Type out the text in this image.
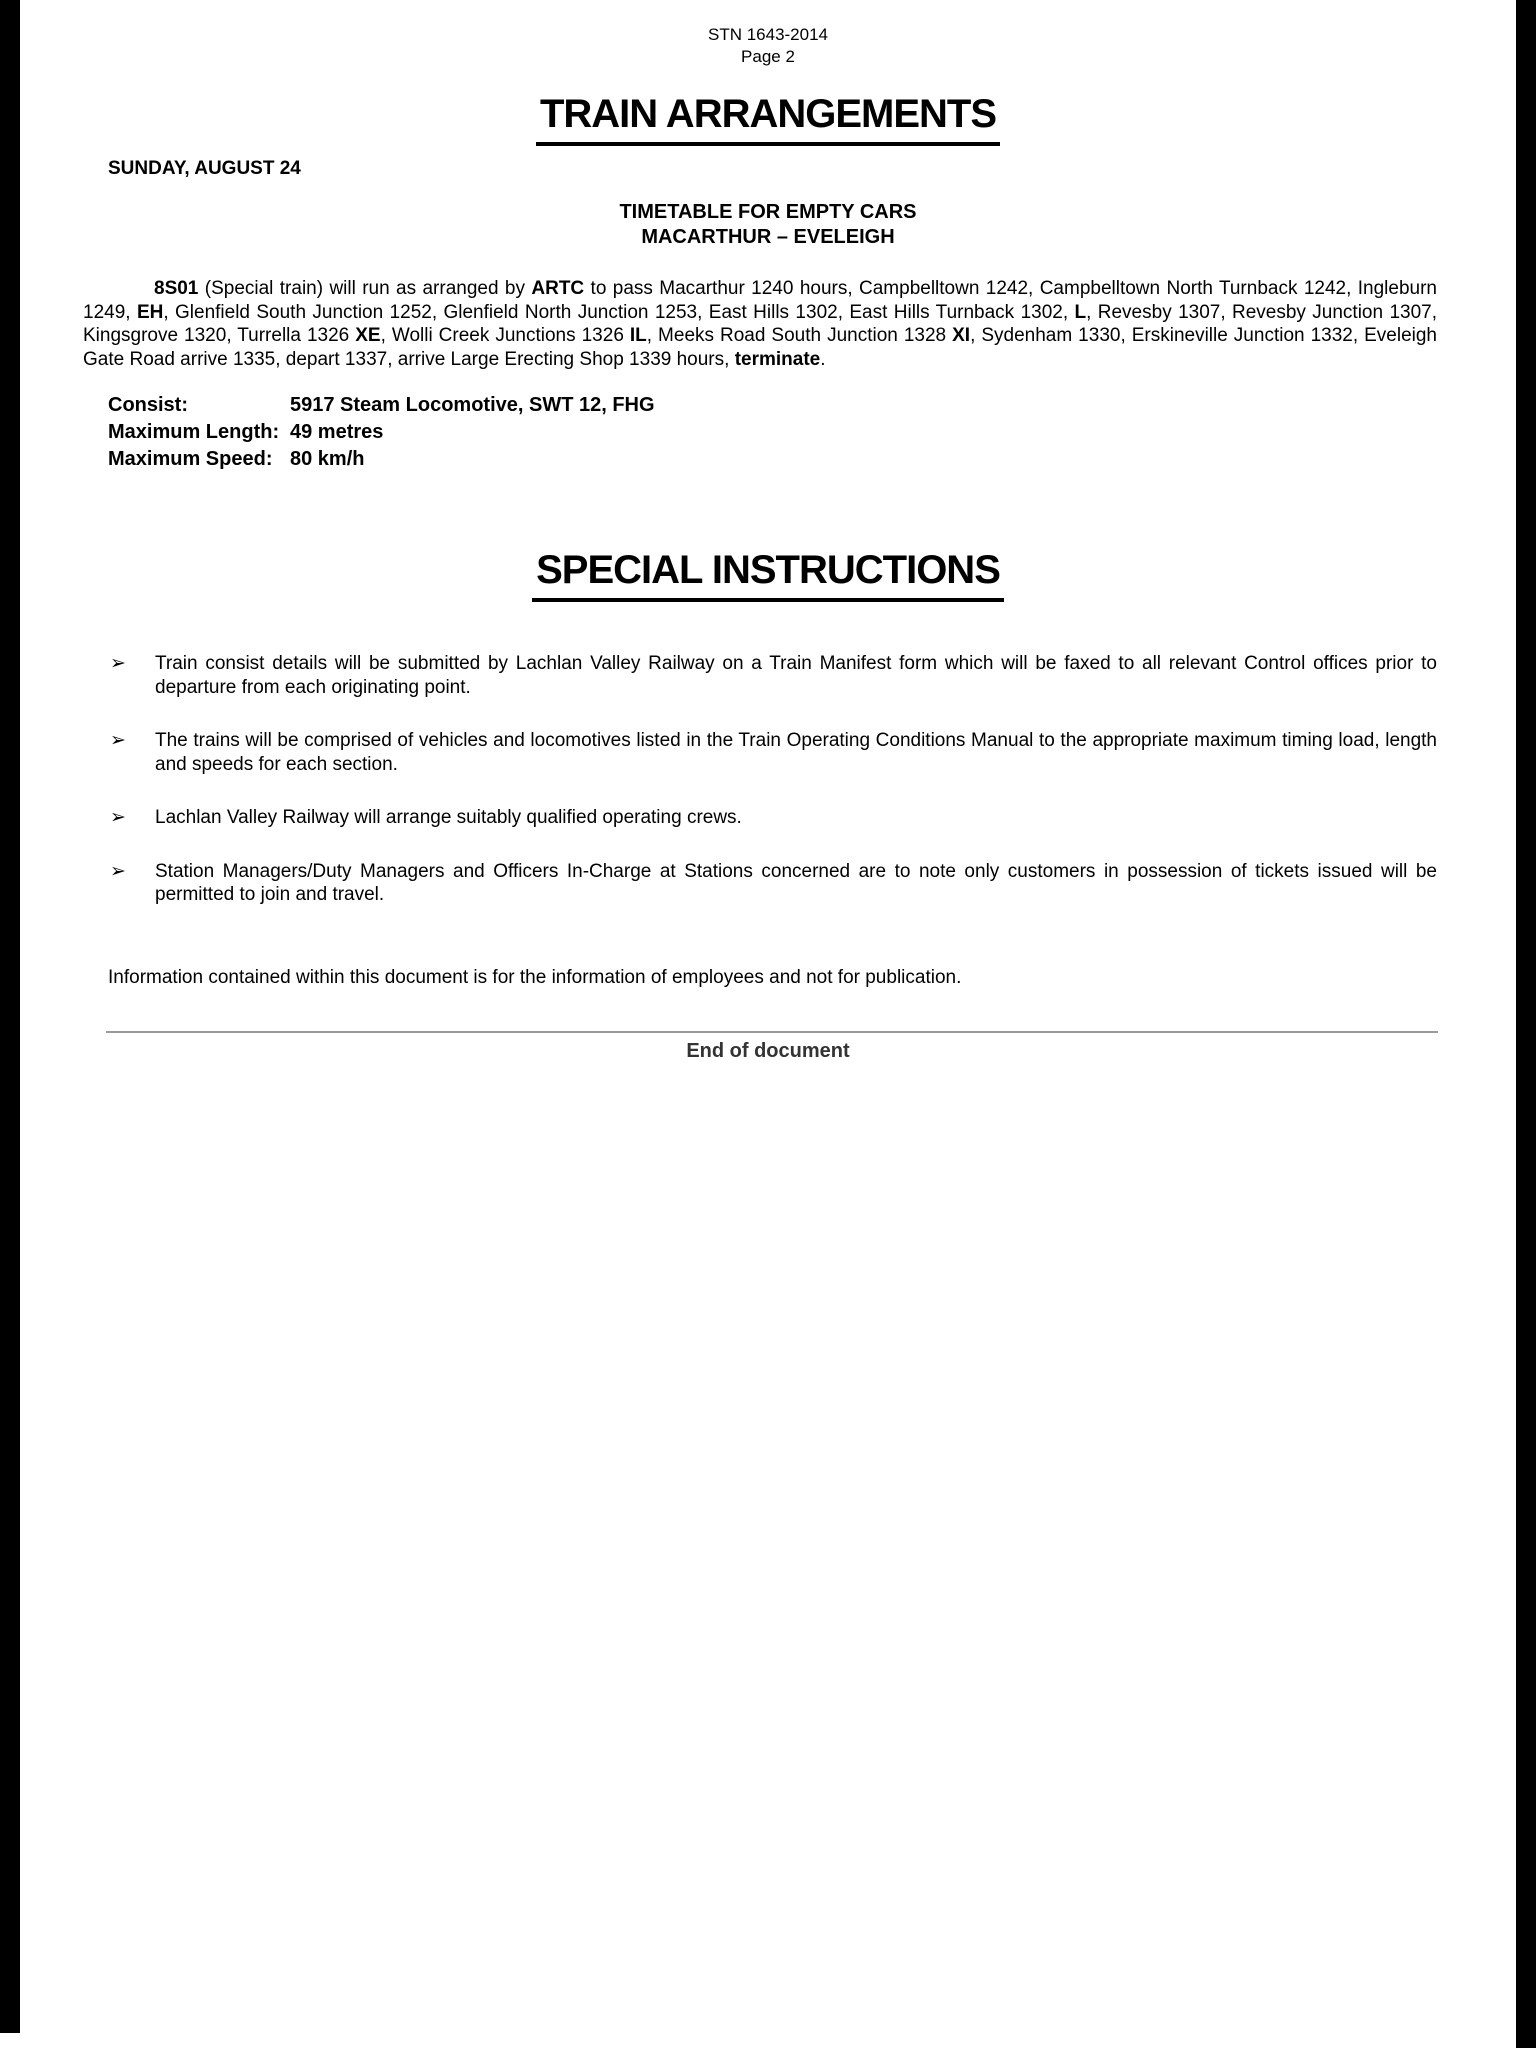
STN 1643-2014
Page 2
TRAIN ARRANGEMENTS
SUNDAY, AUGUST 24
TIMETABLE FOR EMPTY CARS
MACARTHUR – EVELEIGH

8S01 (Special train) will run as arranged by ARTC to pass Macarthur 1240 hours, Campbelltown 1242, Campbelltown North Turnback 1242, Ingleburn 1249, EH, Glenfield South Junction 1252, Glenfield North Junction 1253, East Hills 1302, East Hills Turnback 1302, L, Revesby 1307, Revesby Junction 1307, Kingsgrove 1320, Turrella 1326 XE, Wolli Creek Junctions 1326 IL, Meeks Road South Junction 1328 XI, Sydenham 1330, Erskineville Junction 1332, Eveleigh Gate Road arrive 1335, depart 1337, arrive Large Erecting Shop 1339 hours, terminate.

Consist:	5917 Steam Locomotive, SWT 12, FHG
Maximum Length: 49 metres
Maximum Speed: 80 km/h
SPECIAL INSTRUCTIONS
➢	Train consist details will be submitted by Lachlan Valley Railway on a Train Manifest form which will be faxed to all relevant Control offices prior to departure from each originating point.
➢	The trains will be comprised of vehicles and locomotives listed in the Train Operating Conditions Manual to the appropriate maximum timing load, length and speeds for each section.
➢	Lachlan Valley Railway will arrange suitably qualified operating crews.
➢	Station Managers/Duty Managers and Officers In-Charge at Stations concerned are to note only customers in possession of tickets issued will be permitted to join and travel.
Information contained within this document is for the information of employees and not for publication.
End of document
